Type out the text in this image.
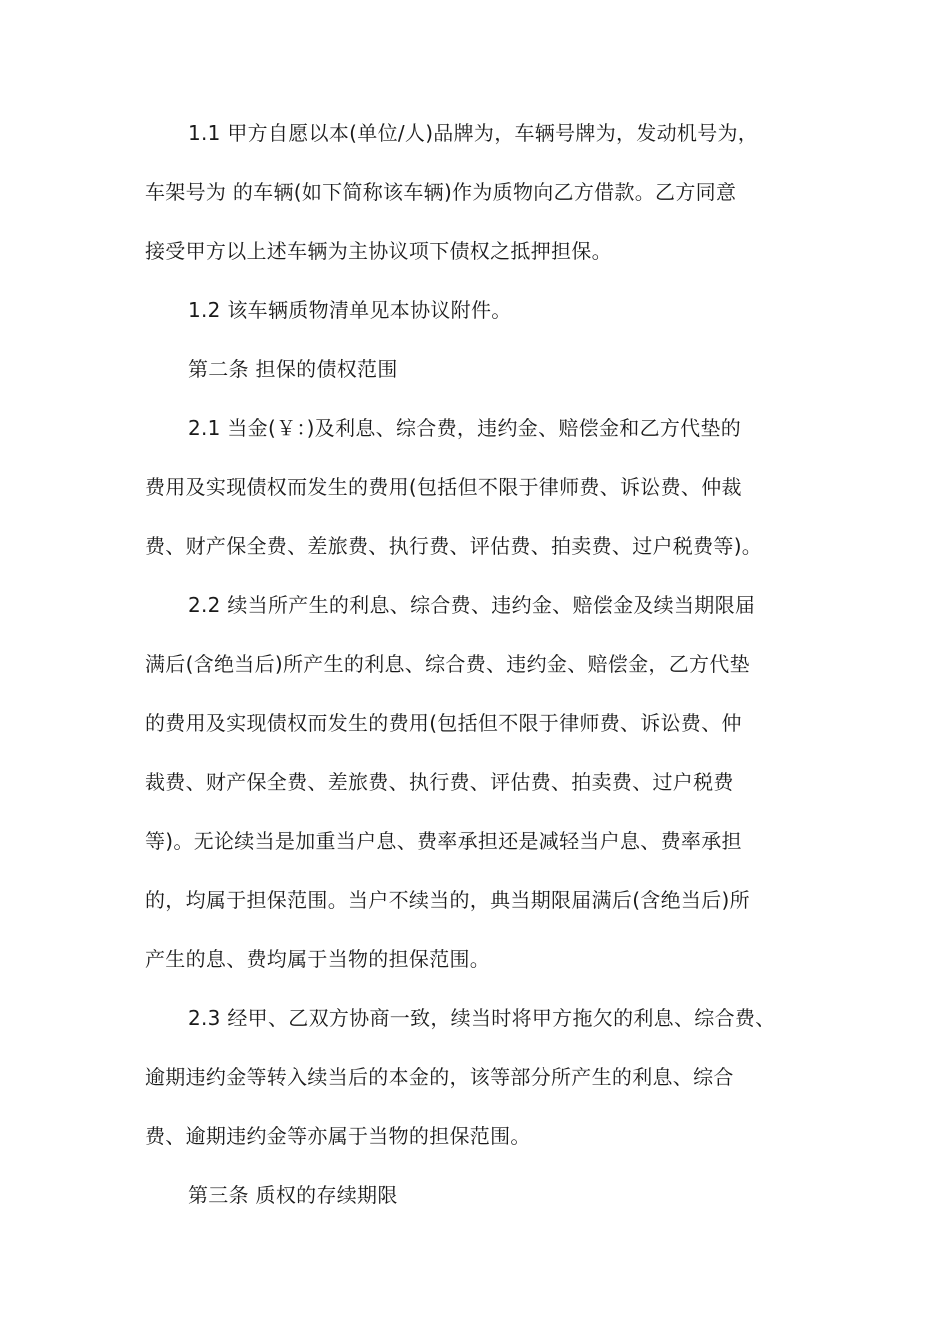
1.1 甲方自愿以本(单位/人)品牌为，车辆号牌为，发动机号为，
车架号为 的车辆(如下简称该车辆)作为质物向乙方借款。乙方同意
接受甲方以上述车辆为主协议项下债权之抵押担保。

1.2 该车辆质物清单见本协议附件。

第二条 担保的债权范围

2.1 当金(￥：)及利息、综合费，违约金、赔偿金和乙方代垫的
费用及实现债权而发生的费用(包括但不限于律师费、诉讼费、仲裁
费、财产保全费、差旅费、执行费、评估费、拍卖费、过户税费等)。

2.2 续当所产生的利息、综合费、违约金、赔偿金及续当期限届
满后(含绝当后)所产生的利息、综合费、违约金、赔偿金，乙方代垫
的费用及实现债权而发生的费用(包括但不限于律师费、诉讼费、仲
裁费、财产保全费、差旅费、执行费、评估费、拍卖费、过户税费
等)。无论续当是加重当户息、费率承担还是减轻当户息、费率承担
的，均属于担保范围。当户不续当的，典当期限届满后(含绝当后)所
产生的息、费均属于当物的担保范围。

2.3 经甲、乙双方协商一致，续当时将甲方拖欠的利息、综合费、
逾期违约金等转入续当后的本金的，该等部分所产生的利息、综合
费、逾期违约金等亦属于当物的担保范围。

第三条 质权的存续期限
